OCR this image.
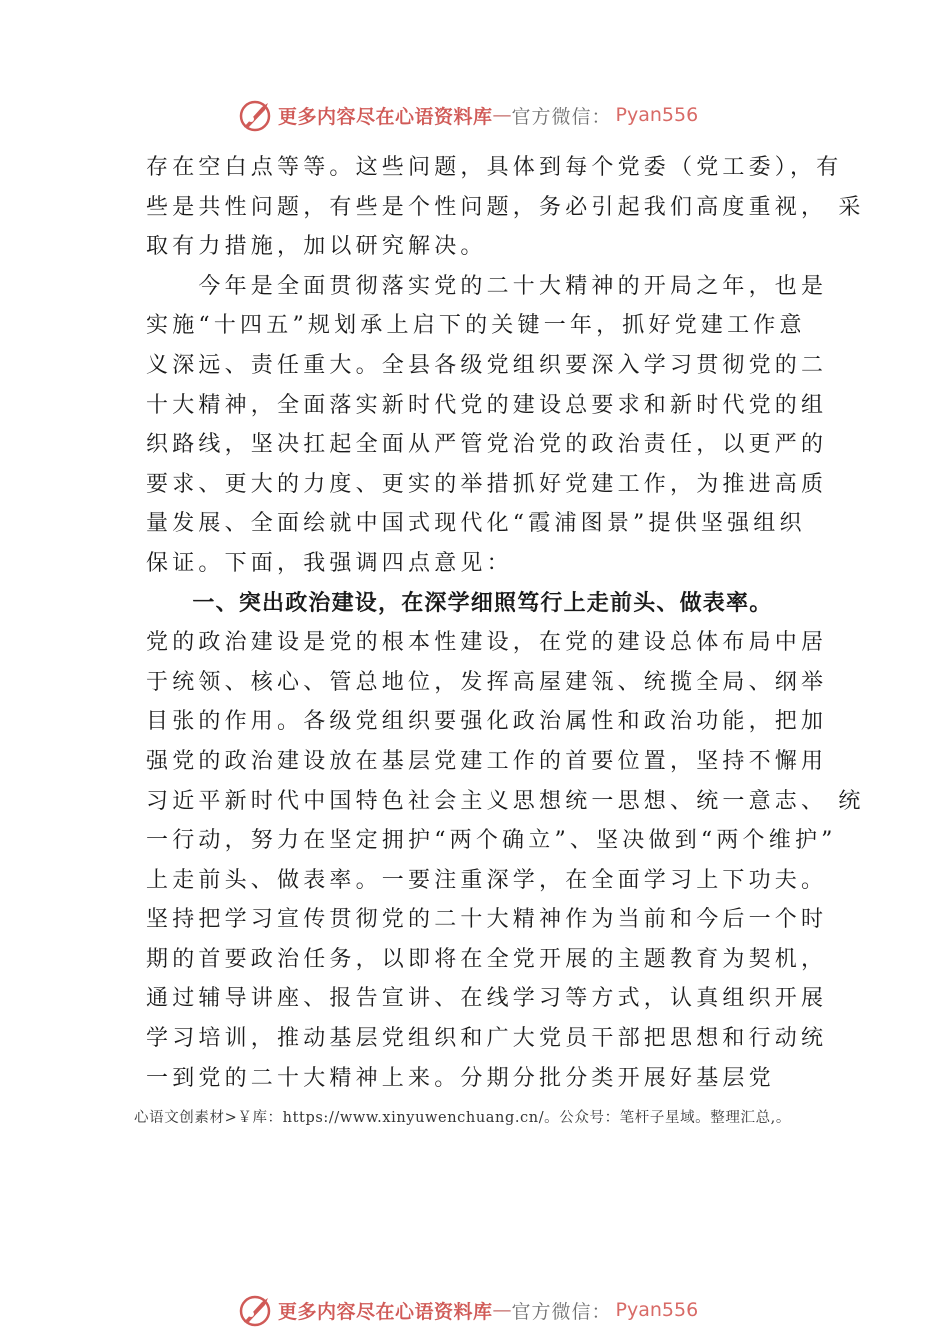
更多内容尽在心语资料库 — 官方微信： Pyan556
存在空白点等等。这些问题，具体到每个党委（党工委），有
些是共性问题，有些是个性问题，务必引起我们高度重视， 采
取有力措施，加以研究解决。
　　今年是全面贯彻落实党的二十大精神的开局之年，也是
实施“十四五”规划承上启下的关键一年，抓好党建工作意
义深远、责任重大。全县各级党组织要深入学习贯彻党的二
十大精神，全面落实新时代党的建设总要求和新时代党的组
织路线，坚决扛起全面从严管党治党的政治责任，以更严的
要求、更大的力度、更实的举措抓好党建工作，为推进高质
量发展、全面绘就中国式现代化“霞浦图景”提供坚强组织
保证。下面，我强调四点意见：
　　一、突出政治建设，在深学细照笃行上走前头、做表率。
党的政治建设是党的根本性建设，在党的建设总体布局中居
于统领、核心、管总地位，发挥高屋建瓴、统揽全局、纲举
目张的作用。各级党组织要强化政治属性和政治功能，把加
强党的政治建设放在基层党建工作的首要位置，坚持不懈用
习近平新时代中国特色社会主义思想统一思想、统一意志、 统
一行动，努力在坚定拥护“两个确立”、坚决做到“两个维护”
上走前头、做表率。一要注重深学，在全面学习上下功夫。
坚持把学习宣传贯彻党的二十大精神作为当前和今后一个时
期的首要政治任务，以即将在全党开展的主题教育为契机，
通过辅导讲座、报告宣讲、在线学习等方式，认真组织开展
学习培训，推动基层党组织和广大党员干部把思想和行动统
一到党的二十大精神上来。分期分批分类开展好基层党
心语文创素材>￥库：https://www.xinyuwenchuang.cn/。公众号：笔杆子星域。整理汇总,。
更多内容尽在心语资料库 — 官方微信： Pyan556
